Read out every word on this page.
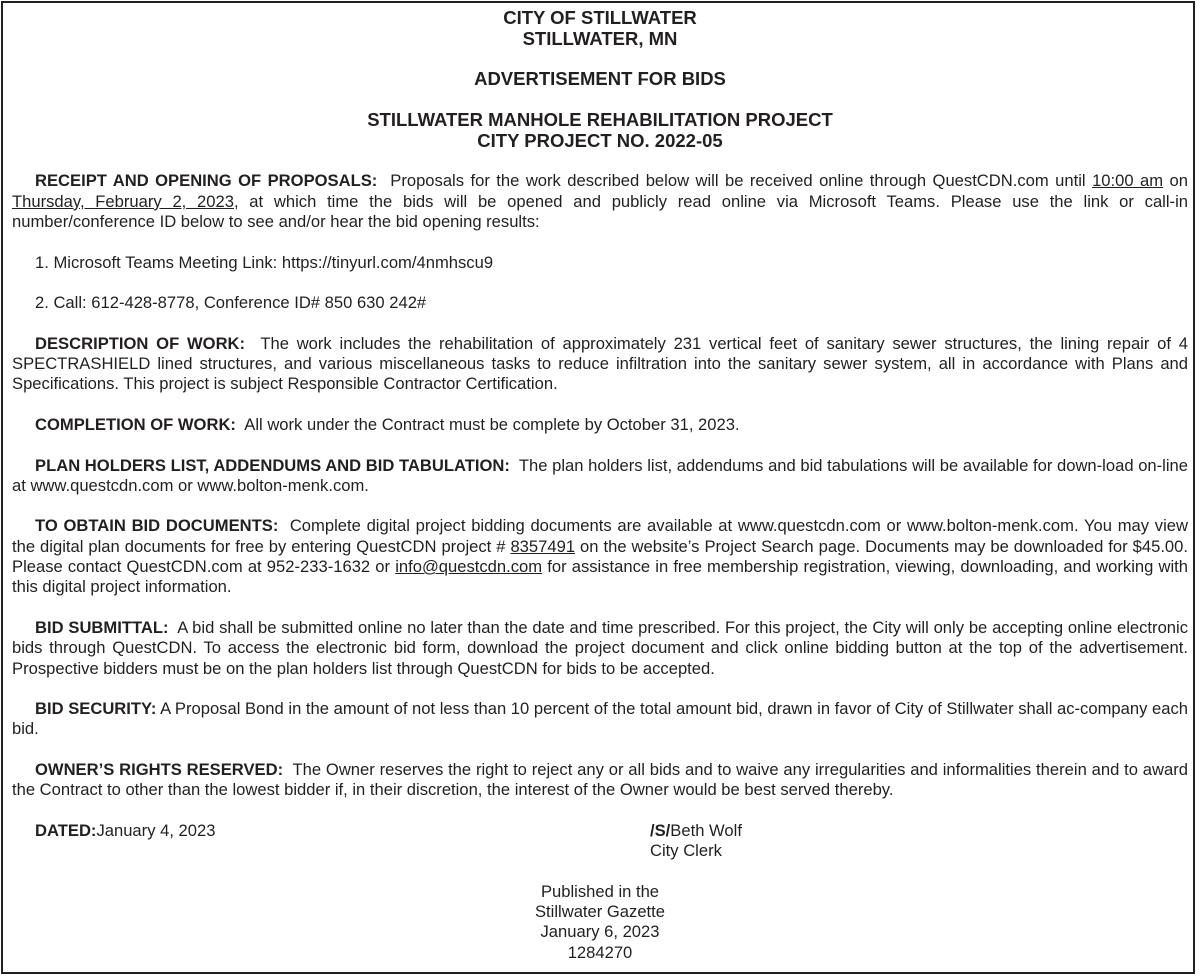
CITY OF STILLWATER
STILLWATER, MN
ADVERTISEMENT FOR BIDS
STILLWATER MANHOLE REHABILITATION PROJECT
CITY PROJECT NO. 2022-05

RECEIPT AND OPENING OF PROPOSALS: Proposals for the work described below will be received online through QuestCDN.com until 10:00 am on Thursday, February 2, 2023, at which time the bids will be opened and publicly read online via Microsoft Teams. Please use the link or call-in number/conference ID below to see and/or hear the bid opening results:

1. Microsoft Teams Meeting Link: https://tinyurl.com/4nmhscu9

2. Call: 612-428-8778, Conference ID# 850 630 242#

DESCRIPTION OF WORK: The work includes the rehabilitation of approximately 231 vertical feet of sanitary sewer structures, the lining repair of 4 SPECTRASHIELD lined structures, and various miscellaneous tasks to reduce infiltration into the sanitary sewer system, all in accordance with Plans and Specifications. This project is subject Responsible Contractor Certification.

COMPLETION OF WORK: All work under the Contract must be complete by October 31, 2023.

PLAN HOLDERS LIST, ADDENDUMS AND BID TABULATION: The plan holders list, addendums and bid tabulations will be available for down-load on-line at www.questcdn.com or www.bolton-menk.com.

TO OBTAIN BID DOCUMENTS: Complete digital project bidding documents are available at www.questcdn.com or www.bolton-menk.com. You may view the digital plan documents for free by entering QuestCDN project # 8357491 on the website’s Project Search page. Documents may be downloaded for $45.00. Please contact QuestCDN.com at 952-233-1632 or info@questcdn.com for assistance in free membership registration, viewing, downloading, and working with this digital project information.

BID SUBMITTAL: A bid shall be submitted online no later than the date and time prescribed. For this project, the City will only be accepting online electronic bids through QuestCDN. To access the electronic bid form, download the project document and click online bidding button at the top of the advertisement. Prospective bidders must be on the plan holders list through QuestCDN for bids to be accepted.

BID SECURITY: A Proposal Bond in the amount of not less than 10 percent of the total amount bid, drawn in favor of City of Stillwater shall ac-company each bid.

OWNER’S RIGHTS RESERVED: The Owner reserves the right to reject any or all bids and to waive any irregularities and informalities therein and to award the Contract to other than the lowest bidder if, in their discretion, the interest of the Owner would be best served thereby.

DATED:January 4, 2023	/S/Beth Wolf
City Clerk
Published in the
Stillwater Gazette
January 6, 2023
1284270
